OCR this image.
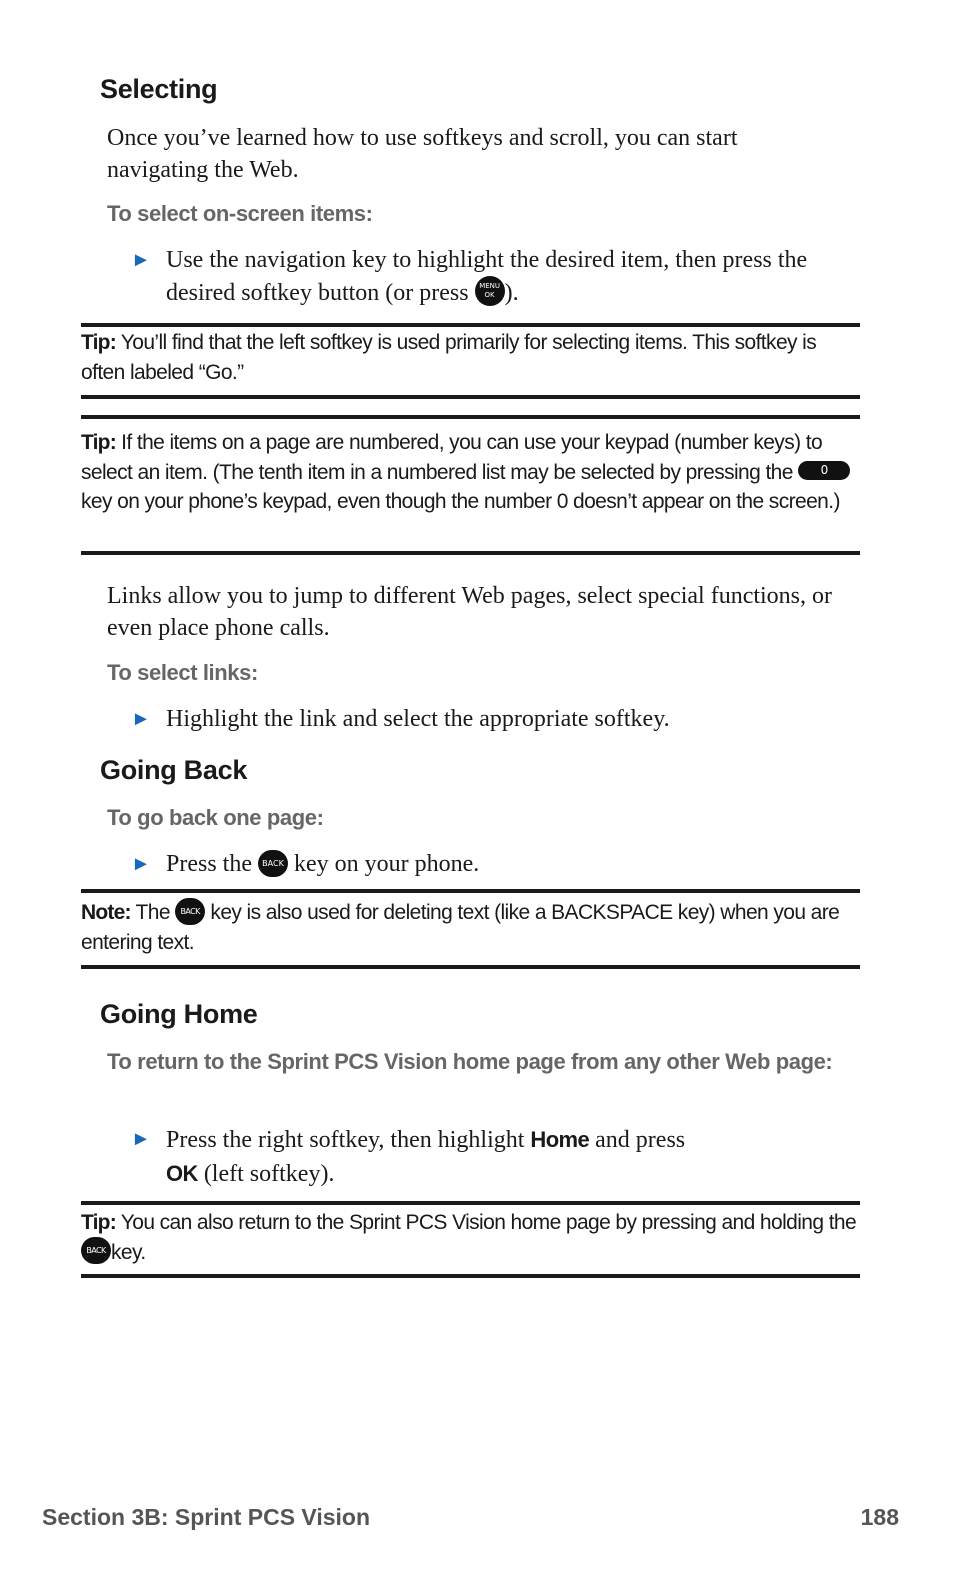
Selecting
Once you’ve learned how to use softkeys and scroll, you can start navigating the Web.
To select on-screen items:
► Use the navigation key to highlight the desired item, then press the desired softkey button (or press	MENU
OK ).
Tip: You’ll find that the left softkey is used primarily for selecting items. This softkey is often labeled “Go.”
Tip: If the items on a page are numbered, you can use your keypad (number keys) to select an item. (The tenth item in a numbered list may be selected by pressing the 0 key on your phone’s keypad, even though the number 0 doesn’t appear on the screen.)
Links allow you to jump to different Web pages, select special functions, or even place phone calls.
To select links:
► Highlight the link and select the appropriate softkey.
Going Back
To go back one page:
► Press the	BACK key on your phone.
Note: The	BACK key is also used for deleting text (like a BACKSPACE key) when you are entering text.
Going Home
To return to the Sprint PCS Vision home page from any other Web page:
► Press the right softkey, then highlight Home and press
OK (left softkey).
Tip: You can also return to the Sprint PCS Vision home page by pressing and holding the
BACK key.
Section 3B: Sprint PCS Vision	188
